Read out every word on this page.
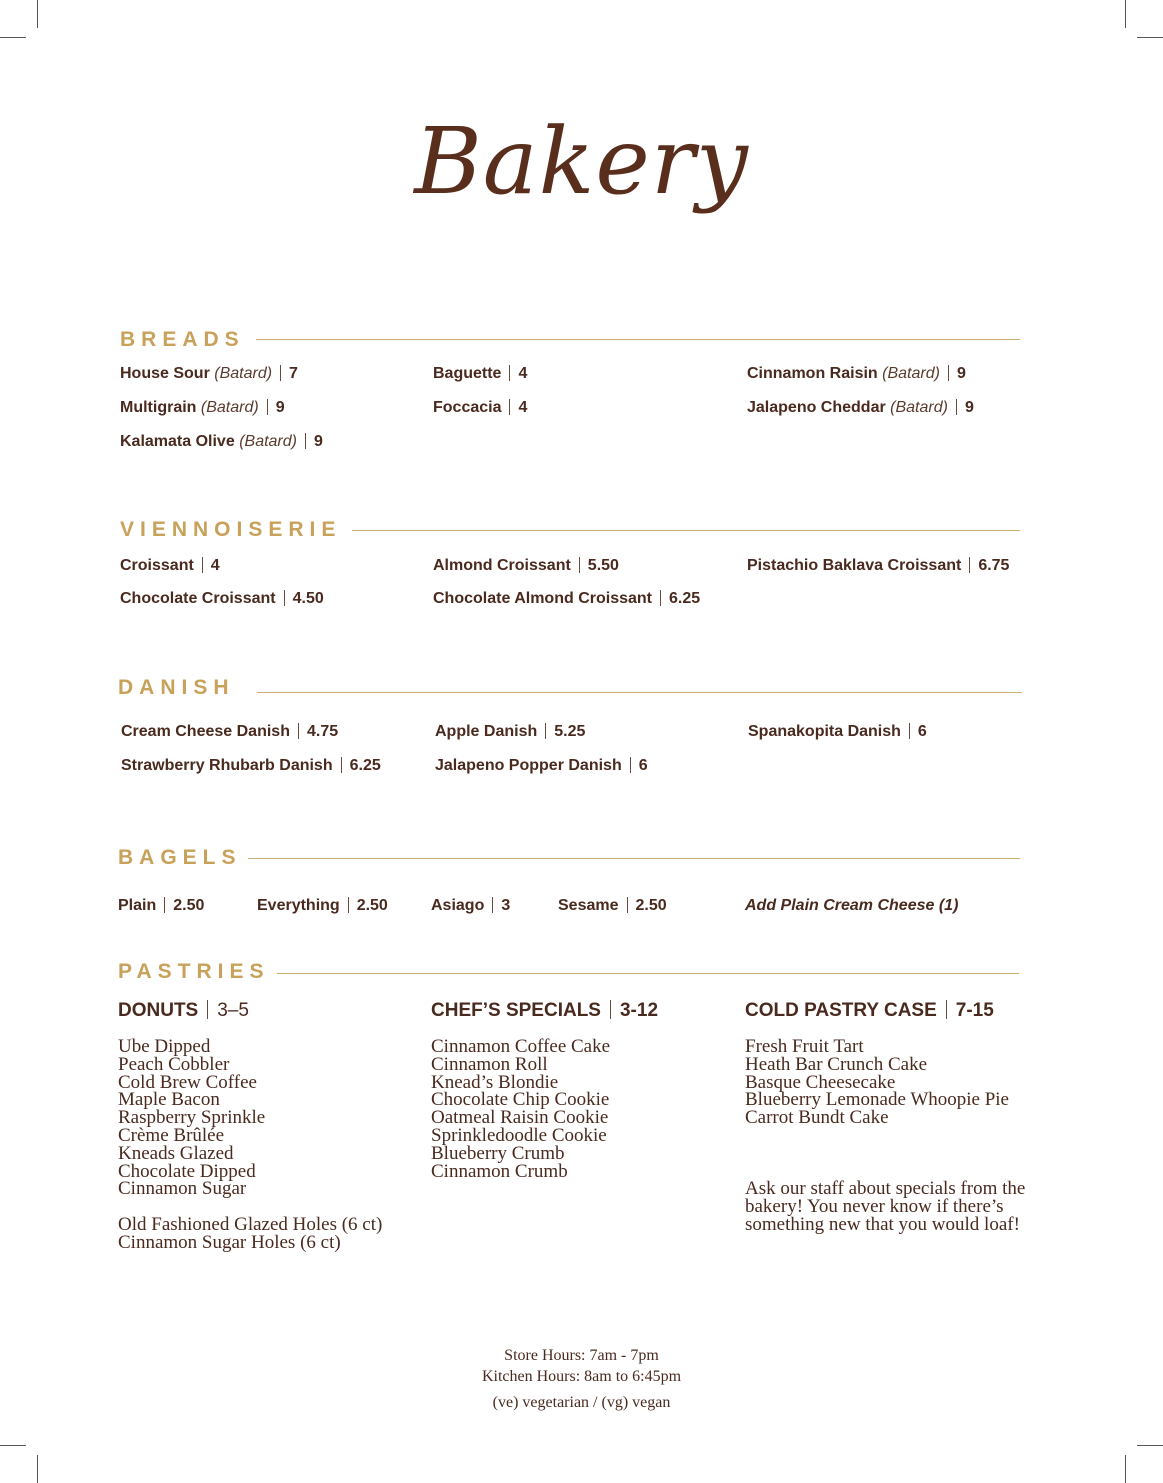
Bakery
BREADS
House Sour (Batard) 7	Baguette 4	Cinnamon Raisin (Batard) 9
Multigrain (Batard) 9	Foccacia 4	Jalapeno Cheddar (Batard) 9
Kalamata Olive (Batard) 9
VIENNOISERIE
Croissant 4	Almond Croissant 5.50	Pistachio Baklava Croissant 6.75
Chocolate Croissant 4.50	Chocolate Almond Croissant 6.25
DANISH
Cream Cheese Danish 4.75	Apple Danish 5.25	Spanakopita Danish 6
Strawberry Rhubarb Danish 6.25	Jalapeno Popper Danish 6
BAGELS
Plain 2.50	Everything 2.50	Asiago 3	Sesame 2.50	Add Plain Cream Cheese (1)
PASTRIES
DONUTS 3–5	CHEF’S SPECIALS 3-12	COLD PASTRY CASE 7-15
Ube Dipped
Peach Cobbler
Cold Brew Coffee
Maple Bacon
Raspberry Sprinkle
Crème Brûlée
Kneads Glazed
Chocolate Dipped
Cinnamon Sugar
Old Fashioned Glazed Holes (6 ct)
Cinnamon Sugar Holes (6 ct)
Cinnamon Coffee Cake
Cinnamon Roll
Knead’s Blondie
Chocolate Chip Cookie
Oatmeal Raisin Cookie
Sprinkledoodle Cookie
Blueberry Crumb
Cinnamon Crumb
Fresh Fruit Tart
Heath Bar Crunch Cake
Basque Cheesecake
Blueberry Lemonade Whoopie Pie
Carrot Bundt Cake
Ask our staff about specials from the bakery! You never know if there’s something new that you would loaf!
Store Hours: 7am - 7pm
Kitchen Hours: 8am to 6:45pm
(ve) vegetarian / (vg) vegan
